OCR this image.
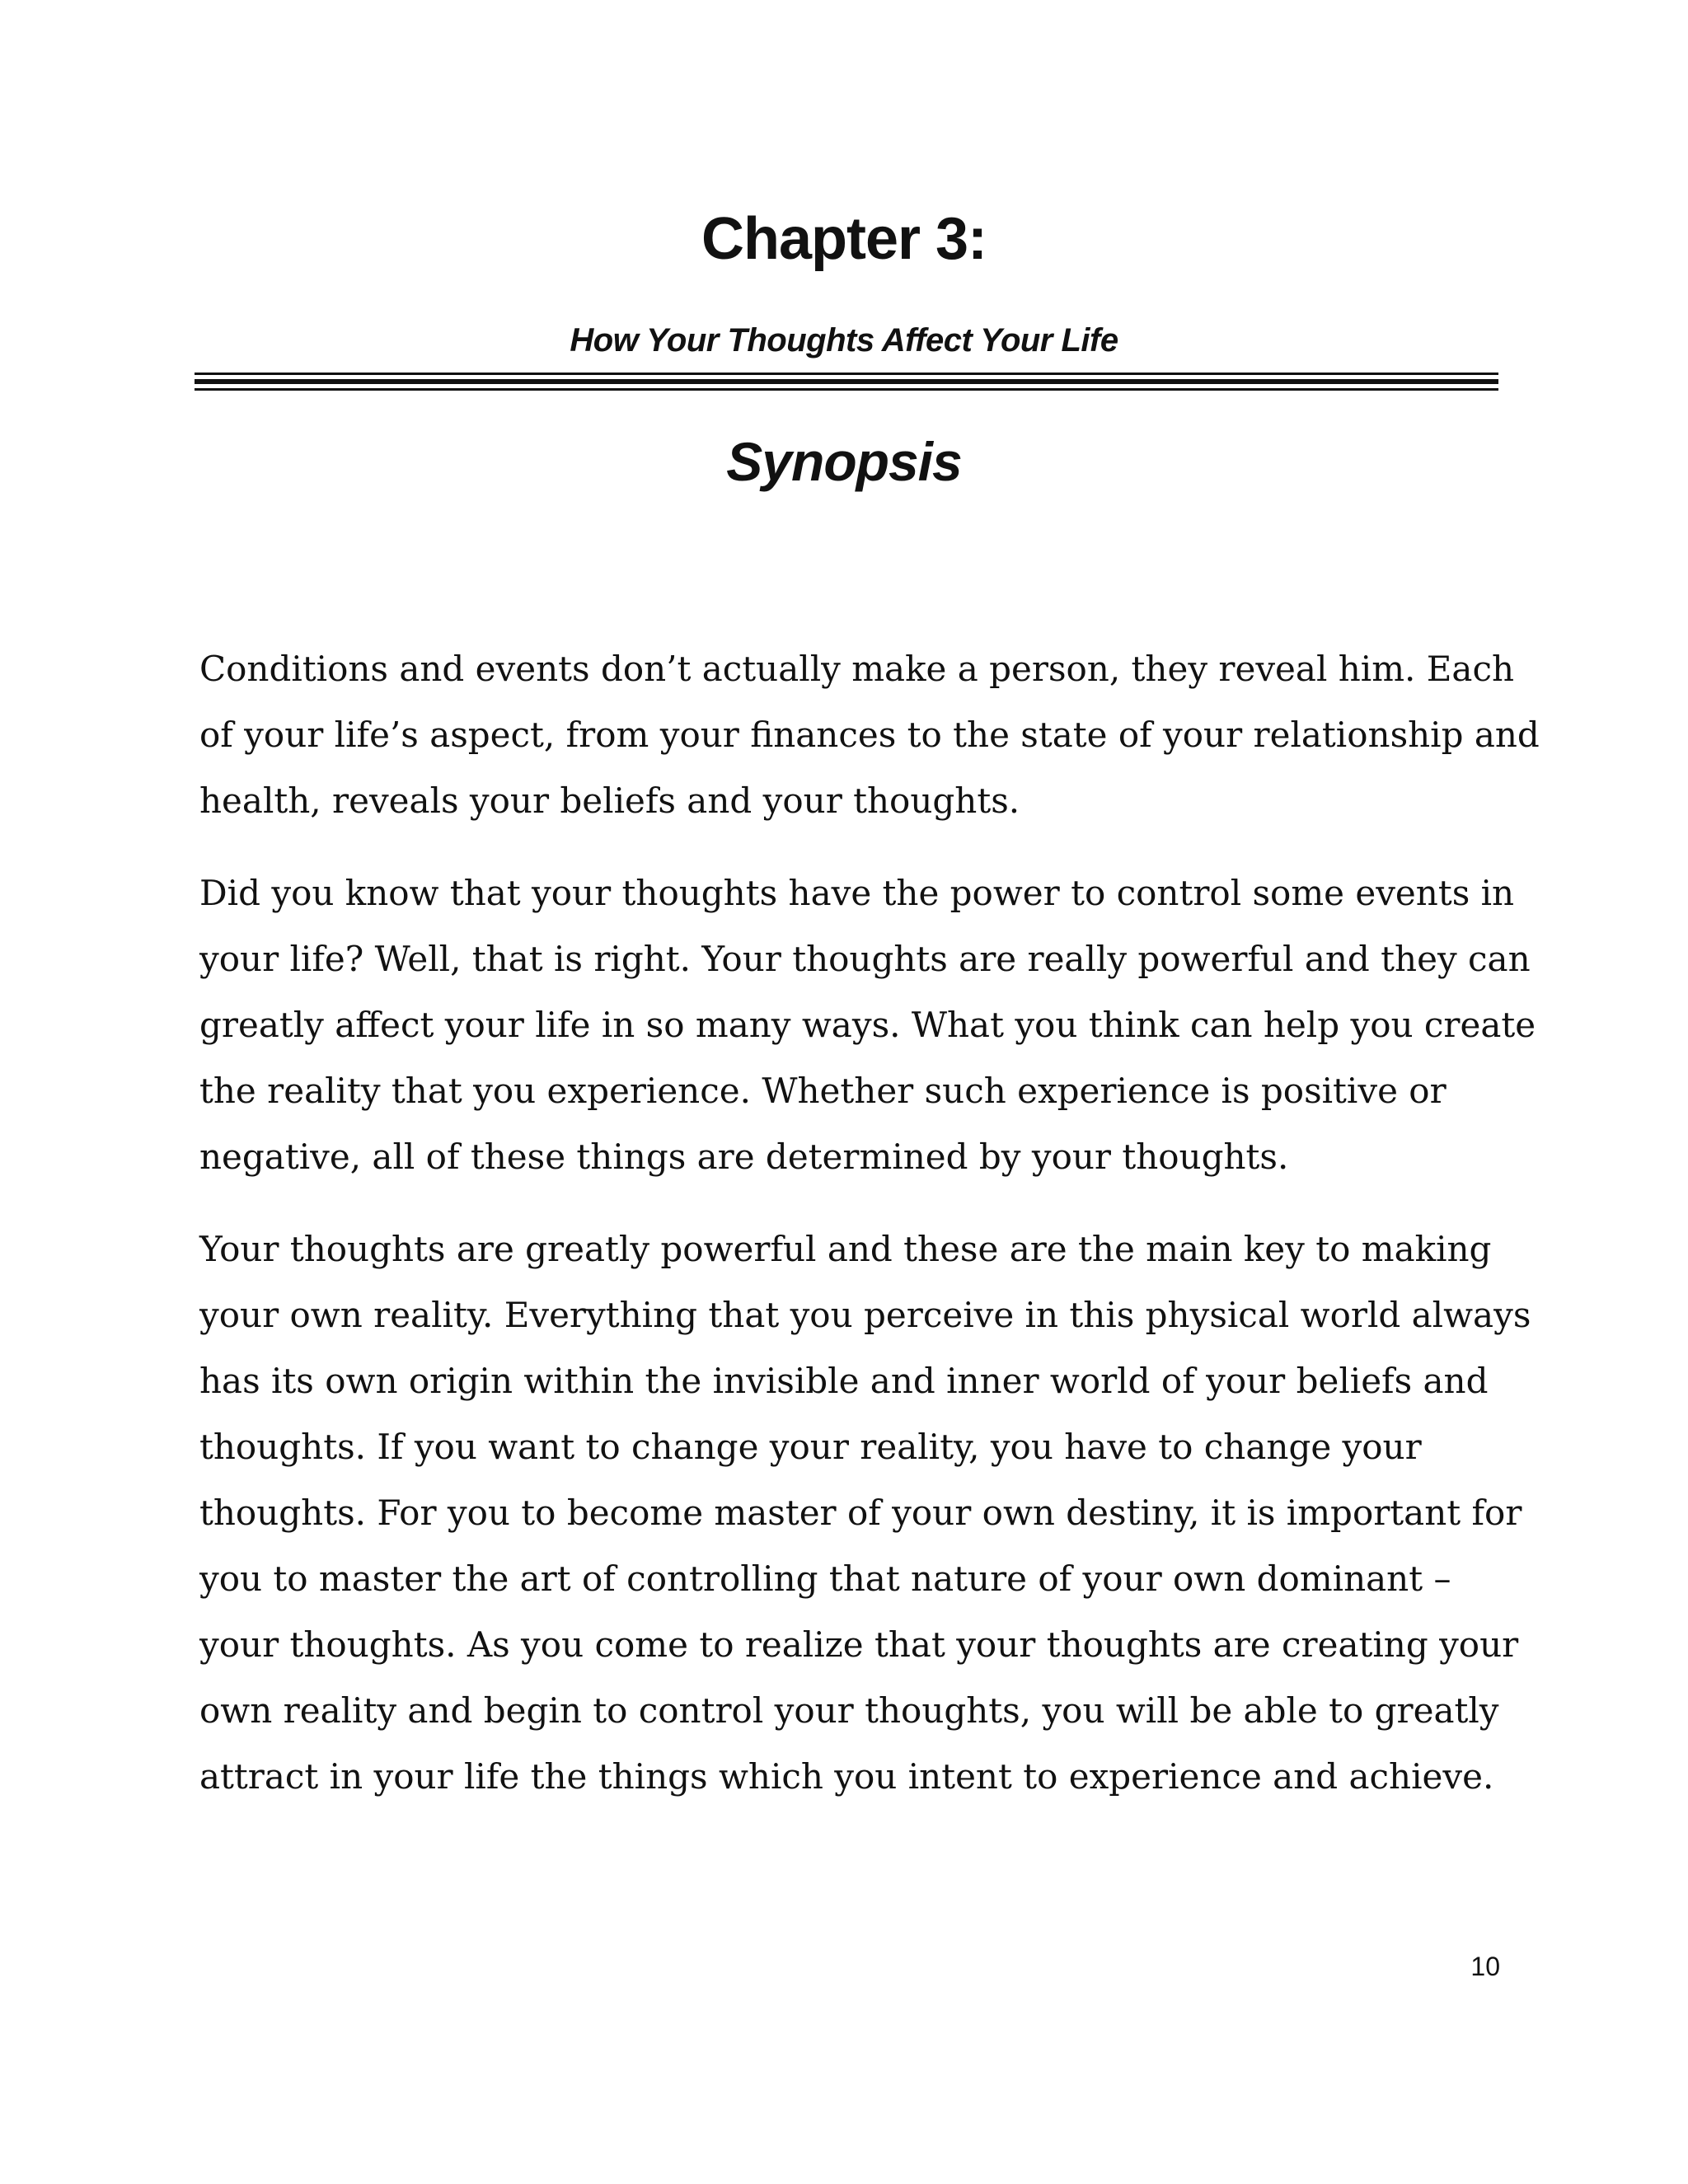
Chapter 3:
How Your Thoughts Affect Your Life
Synopsis

Conditions and events don’t actually make a person, they reveal him. Each
of your life’s aspect, from your finances to the state of your relationship and
health, reveals your beliefs and your thoughts.

Did you know that your thoughts have the power to control some events in
your life? Well, that is right. Your thoughts are really powerful and they can
greatly affect your life in so many ways. What you think can help you create
the reality that you experience. Whether such experience is positive or
negative, all of these things are determined by your thoughts.

Your thoughts are greatly powerful and these are the main key to making
your own reality. Everything that you perceive in this physical world always
has its own origin within the invisible and inner world of your beliefs and
thoughts. If you want to change your reality, you have to change your
thoughts. For you to become master of your own destiny, it is important for
you to master the art of controlling that nature of your own dominant –
your thoughts. As you come to realize that your thoughts are creating your
own reality and begin to control your thoughts, you will be able to greatly
attract in your life the things which you intent to experience and achieve.

10
